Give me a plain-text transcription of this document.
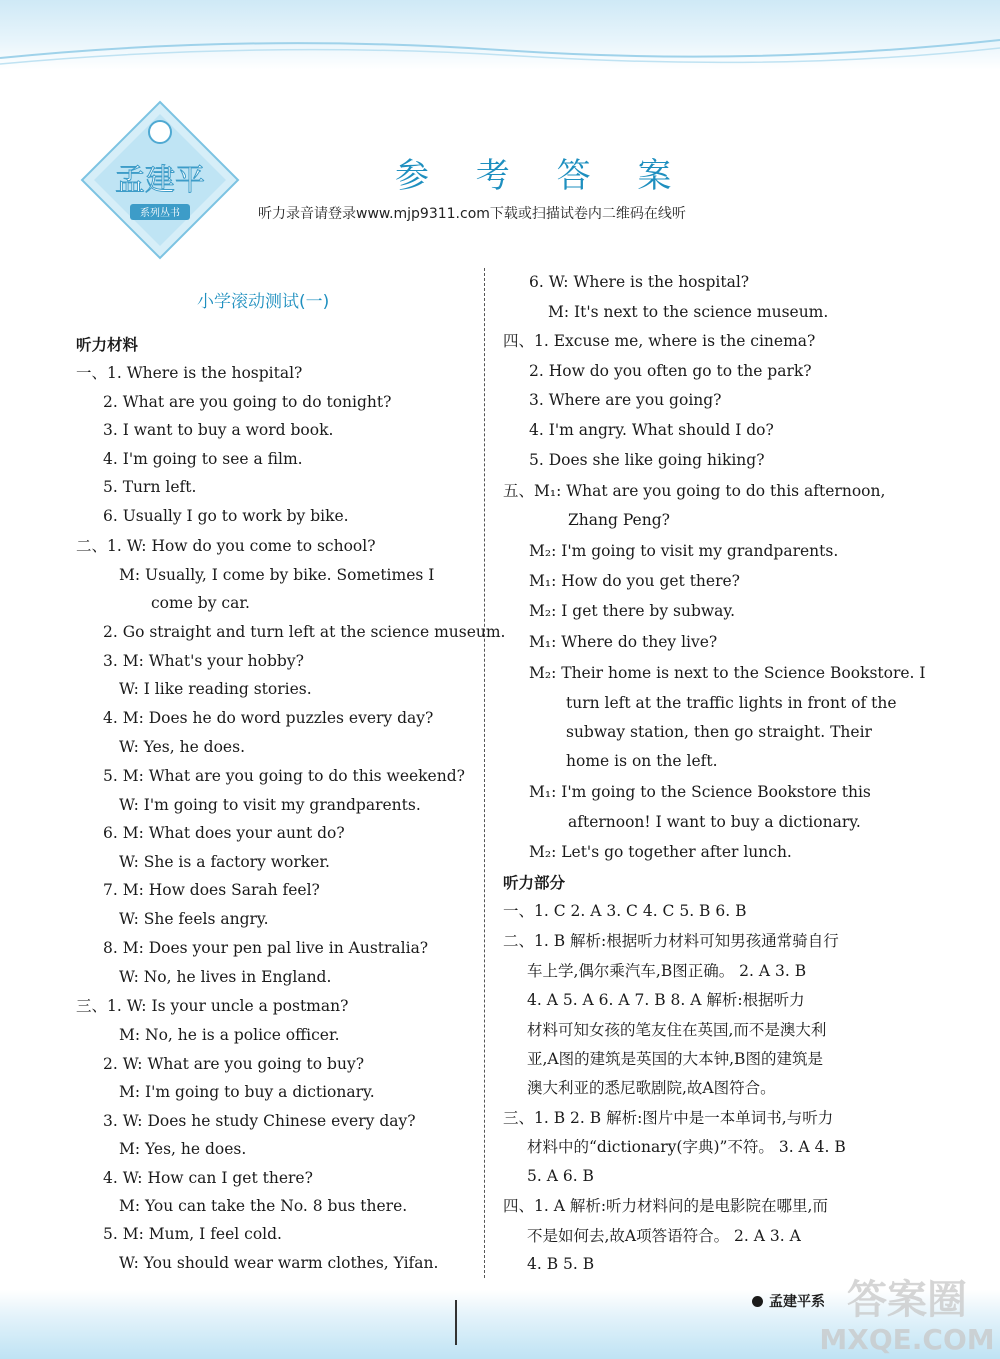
孟建平
系列丛书
参 考 答 案
听力录音请登录www.mjp9311.com下载或扫描试卷内二维码在线听
小学滚动测试(一)
听力材料
一、1. Where is the hospital?
2. What are you going to do tonight?
3. I want to buy a word book.
4. I'm going to see a film.
5. Turn left.
6. Usually I go to work by bike.
二、1. W: How do you come to school?
M: Usually, I come by bike. Sometimes I
come by car.
2. Go straight and turn left at the science museum.
3. M: What's your hobby?
W: I like reading stories.
4. M: Does he do word puzzles every day?
W: Yes, he does.
5. M: What are you going to do this weekend?
W: I'm going to visit my grandparents.
6. M: What does your aunt do?
W: She is a factory worker.
7. M: How does Sarah feel?
W: She feels angry.
8. M: Does your pen pal live in Australia?
W: No, he lives in England.
三、1. W: Is your uncle a postman?
M: No, he is a police officer.
2. W: What are you going to buy?
M: I'm going to buy a dictionary.
3. W: Does he study Chinese every day?
M: Yes, he does.
4. W: How can I get there?
M: You can take the No. 8 bus there.
5. M: Mum, I feel cold.
W: You should wear warm clothes, Yifan.
6. W: Where is the hospital?
M: It's next to the science museum.
四、1. Excuse me, where is the cinema?
2. How do you often go to the park?
3. Where are you going?
4. I'm angry. What should I do?
5. Does she like going hiking?
五、M₁: What are you going to do this afternoon,
Zhang Peng?
M₂: I'm going to visit my grandparents.
M₁: How do you get there?
M₂: I get there by subway.
M₁: Where do they live?
M₂: Their home is next to the Science Bookstore. I
turn left at the traffic lights in front of the
subway station, then go straight. Their
home is on the left.
M₁: I'm going to the Science Bookstore this
afternoon! I want to buy a dictionary.
M₂: Let's go together after lunch.
听力部分
一、1. C 2. A 3. C 4. C 5. B 6. B
二、1. B 解析:根据听力材料可知男孩通常骑自行
车上学,偶尔乘汽车,B图正确。 2. A 3. B
4. A 5. A 6. A 7. B 8. A 解析:根据听力
材料可知女孩的笔友住在英国,而不是澳大利
亚,A图的建筑是英国的大本钟,B图的建筑是
澳大利亚的悉尼歌剧院,故A图符合。
三、1. B 2. B 解析:图片中是一本单词书,与听力
材料中的“dictionary(字典)”不符。 3. A 4. B
5. A 6. B
四、1. A 解析:听力材料问的是电影院在哪里,而
不是如何去,故A项答语符合。 2. A 3. A
4. B 5. B
孟建平系 答案圈
MXQE.COM
